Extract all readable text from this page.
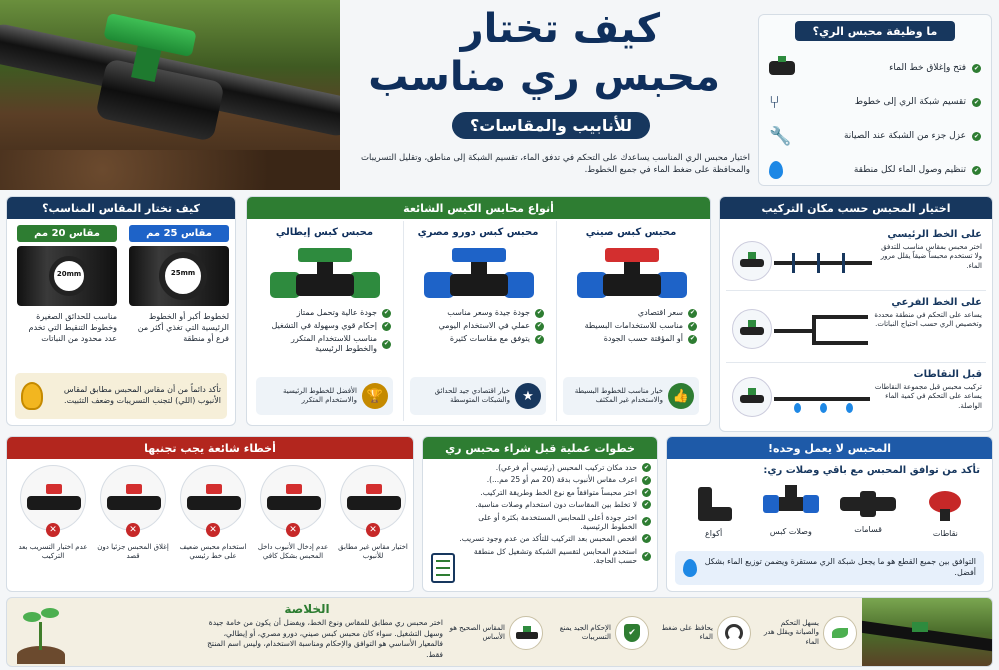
كيف تختار
محبس ري مناسب
للأنابيب والمقاسات؟
اختيار محبس الري المناسب يساعدك على التحكم في تدفق الماء، تقسيم الشبكة إلى مناطق، وتقليل التسريبات والمحافظة على ضغط الماء في جميع الخطوط.
ما وظيفة محبس الري؟
✔
فتح وإغلاق خط الماء
✔
تقسيم شبكة الري إلى خطوط
⑂
✔
عزل جزء من الشبكة عند الصيانة
🔧
✔
تنظيم وصول الماء لكل منطقة
كيف تختار المقاس المناسب؟
مقاس 25 مم
25mm
لخطوط أكبر أو الخطوط الرئيسية التي تغذي أكثر من فرع أو منطقة
مقاس 20 مم
20mm
مناسب للحدائق الصغيرة وخطوط التنقيط التي تخدم عدد محدود من النباتات
تأكد دائماً من أن مقاس المحبس مطابق لمقاس الأنبوب (اللي) لتجنب التسريبات وضعف التثبيت.
أنواع محابس الكبس الشائعة
محبس كبس صيني
✔
سعر اقتصادي
✔
مناسب للاستخدامات البسيطة
✔
أو المؤقتة حسب الجودة
👍
خيار مناسب للخطوط البسيطة والاستخدام غير المكثف
محبس كبس دورو مصري
✔
جودة جيدة وسعر مناسب
✔
عملي في الاستخدام اليومي
✔
يتوفق مع مقاسات كثيرة
★
خيار اقتصادي جيد للحدائق والشبكات المتوسطة
محبس كبس إيطالي
✔
جودة عالية وتحمل ممتاز
✔
إحكام قوي وسهولة في التشغيل
✔
مناسب للاستخدام المتكرر والخطوط الرئيسية
🏆
الأفضل للخطوط الرئيسية والاستخدام المتكرر
اختيار المحبس حسب مكان التركيب
على الخط الرئيسي
اختر محبس بمقاس مناسب للتدفق ولا تستخدم محبساً ضيقاً يقلل مرور الماء.
على الخط الفرعي
يساعد على التحكم في منطقة محددة وتخصيص الري حسب احتياج النباتات.
قبل النقاطات
تركيب محبس قبل مجموعة النقاطات يساعد على التحكم في كمية الماء الواصلة.
أخطاء شائعة يجب تجنبها
✕
عدم اختبار التسريب بعد التركيب
✕
إغلاق المحبس جزئيا دون قصد
✕
استخدام محبس ضعيف على خط رئيسي
✕
عدم إدخال الأنبوب داخل المحبس بشكل كافي
✕
اختيار مقاس غير مطابق للأنبوب
خطوات عملية قبل شراء محبس ري
✔
حدد مكان تركيب المحبس (رئيسي أم فرعي).
✔
اعرف مقاس الأنبوب بدقة (20 مم أو 25 مم...).
✔
اختر محبساً متوافقاً مع نوع الخط وطريقة التركيب.
✔
لا تخلط بين المقاسات دون استخدام وصلات مناسبة.
✔
اختر جودة أعلى للمحابس المستخدمة بكثرة أو على الخطوط الرئيسية.
✔
افحص المحبس بعد التركيب للتأكد من عدم وجود تسريب.
✔
استخدم المحابس لتقسيم الشبكة وتشغيل كل منطقة حسب الحاجة.
المحبس لا يعمل وحده!
تأكد من توافق المحبس مع باقي وصلات ري:
نقاطات
قسامات
وصلات كبس
أكواع
التوافق بين جميع القطع هو ما يجعل شبكة الري مستقرة ويضمن توزيع الماء بشكل أفضل.
الخلاصة
اختر محبس ري مطابق للمقاس ونوع الخط، ويفضل أن يكون من خامة جيدة وسهل التشغيل. سواء كان محبس كبس صيني، دورو مصري، أو إيطالي، فالمعيار الأساسي هو التوافق والإحكام ومناسبة الاستخدام، وليس اسم المنتج فقط.
يسهل التحكم والصيانة ويقلل هدر الماء
يحافظ على ضغط الماء
✔
الإحكام الجيد يمنع التسريبات
المقاس الصحيح هو الأساس
